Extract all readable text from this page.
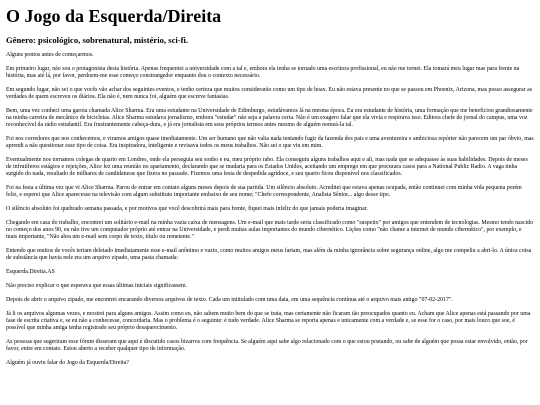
O Jogo da Esquerda/Direita

Gênero: psicológico, sobrenatural, mistério, sci-fi.

Alguns pontos antes de começarmos.

Em primeiro lugar, não sou o protagonista desta história. Apenas frequentei a universidade com a tal e, embora ela tenha se tornado uma escritora profissional, eu não me tornei. Ela tomará meu lugar mas para frente na história, mas até lá, por favor, perdoem-me esse começo constrangedor enquanto dou o contexto necessário.

Em segundo lugar, não sei o que vocês vão achar dos seguintes eventos, e tenho certeza que muitos considerarão como um tipo de hoax. Eu não estava presente no que se passou em Phoenix, Arizona, mas posso assegurar as verdades de quem escreveu os diários. Ela não é, nem nunca foi, alguém que escreve fantasias.

Bem, uma vez conheci uma garota chamada Alice Sharma. Era uma estudante na Universidade de Edimburgo, estudávamos lá na mesma época. Eu era estudante de história, uma formação que me beneficiou grandiosamente na minha carreira de mecânico de bicicletas. Alice Sharma estudava jornalismo, embora "estudar" não seja a palavra certa. Não é um exagero falar que ela vivia e respirava isso. Editora chefe do jornal do campus, uma voz reconhecível da rádio estudantil. Era frustrantemente cabeça-dura, e já era jornalista em seus próprios termos antes mesmo de alguém nomeá-la tal.

Foi nos corredores que nos conhecemos, e viramos amigos quase imediatamente. Um ser humano que não valia nada tentando fugir da fazenda dos pais e uma aventureira e ambiciosa repórter não parecem um par óbvio, mas aprendi a não questionar esse tipo de coisa. Era inspiradora, inteligente e revisava todos os meus trabalhos. Não sei o que viu em mim.

Eventualmente nos tornamos colegas de quarto em Londres, onde ela perseguia seu sonho e eu, meu próprio rabo. Ela conseguiu alguns trabalhos aqui e ali, mas nada que se adequasse às suas habilidades. Depois de meses de infrutíferos estágios e rejeições, Alice fez uma reunião no apartamento, declarando que se mudaria para os Estados Unidos, aceitando um emprego em que procurara casos para a National Public Radio. A vaga tinha surgido do nada, resultado de milhares de candidaturas que fizera no passado. Fizemos uma festa de despedida agridoce, e seu quarto ficou disponível nos classificados.

Foi na festa a última vez que vi Alice Sharma. Parou de entrar em contato alguns meses depois de sua partida. Um silêncio absoluto. Acreditei que estava apenas ocupada, então continuei com minha vida pequena porém feliz, e esperei que Alice aparecesse na televisão com algum substituto importante embaixo de seu nome; "Chefe correspondente, Analista Sênior... algo desse tipo.

O silêncio absoluto foi quebrado semana passada, e por motivos que você descobrirá mais para frente, fiquei mais infeliz do que jamais poderia imaginar.

Chegando em casa do trabalho, encontrei um solitário e-mail na minha vazia caixa de mensagens. Um e-mail que mais tarde seria classificado como "suspeito" por amigos que entendem de tecnologias. Mesmo tendo nascido no começo dos anos 90, eu não tive um computador próprio até entrar na Universidade, e perdi muitas aulas importantes do mundo cibernético. Lições como "não chame a internet de mundo cibernético", por exemplo, e mais importante, "Não abra um e-mail sem corpo de texto, título ou remetente."

Entendo que muitos de vocês teriam deletado imediatamente esse e-mail anônimo e vazio, como muitos amigos meus fariam, mas além da minha ignorância sobre segurança online, algo me compeliu a abri-lo. A única coisa de substância que havia nele era um arquivo zipado, uma pasta chamada:

Esquerda.Direita.AS

Não preciso explicar o que esperava que essas últimas iniciais significassem.

Depois de abrir o arquivo zipado, me encontrei encarando diversos arquivos de texto. Cada um intitulado com uma data, em uma sequência contínua até o arquivo mais antigo "07-02-2017".

Já li os arquivos algumas vezes, e mostrei para alguns amigos. Assim como eu, não sabem muito bem do que se trata, mas certamente não ficaram tão preocupados quanto eu. Acham que Alice apenas está passando por uma fase de escrita criativa e, se eu não a conhecesse, concordaria. Mas o problema é o seguinte: é tudo verdade. Alice Sharma se reporta apenas e unicamente com a verdade e, se esse for o caso, por mais louco que soe, é possível que minha amiga tenha registrado seu próprio desaparecimento.

As pessoas que sugeriram esse fórum disseram que aqui é discutido casos bizarros com frequência. Se alguém aqui sabe algo relacionado com o que estou postando, ou sabe de alguém que possa estar envolvido, então, por favor, entre em contato. Estou aberto a receber qualquer tipo de informação.

Alguém já ouviu falar do Jogo da Esquerda/Direita?
